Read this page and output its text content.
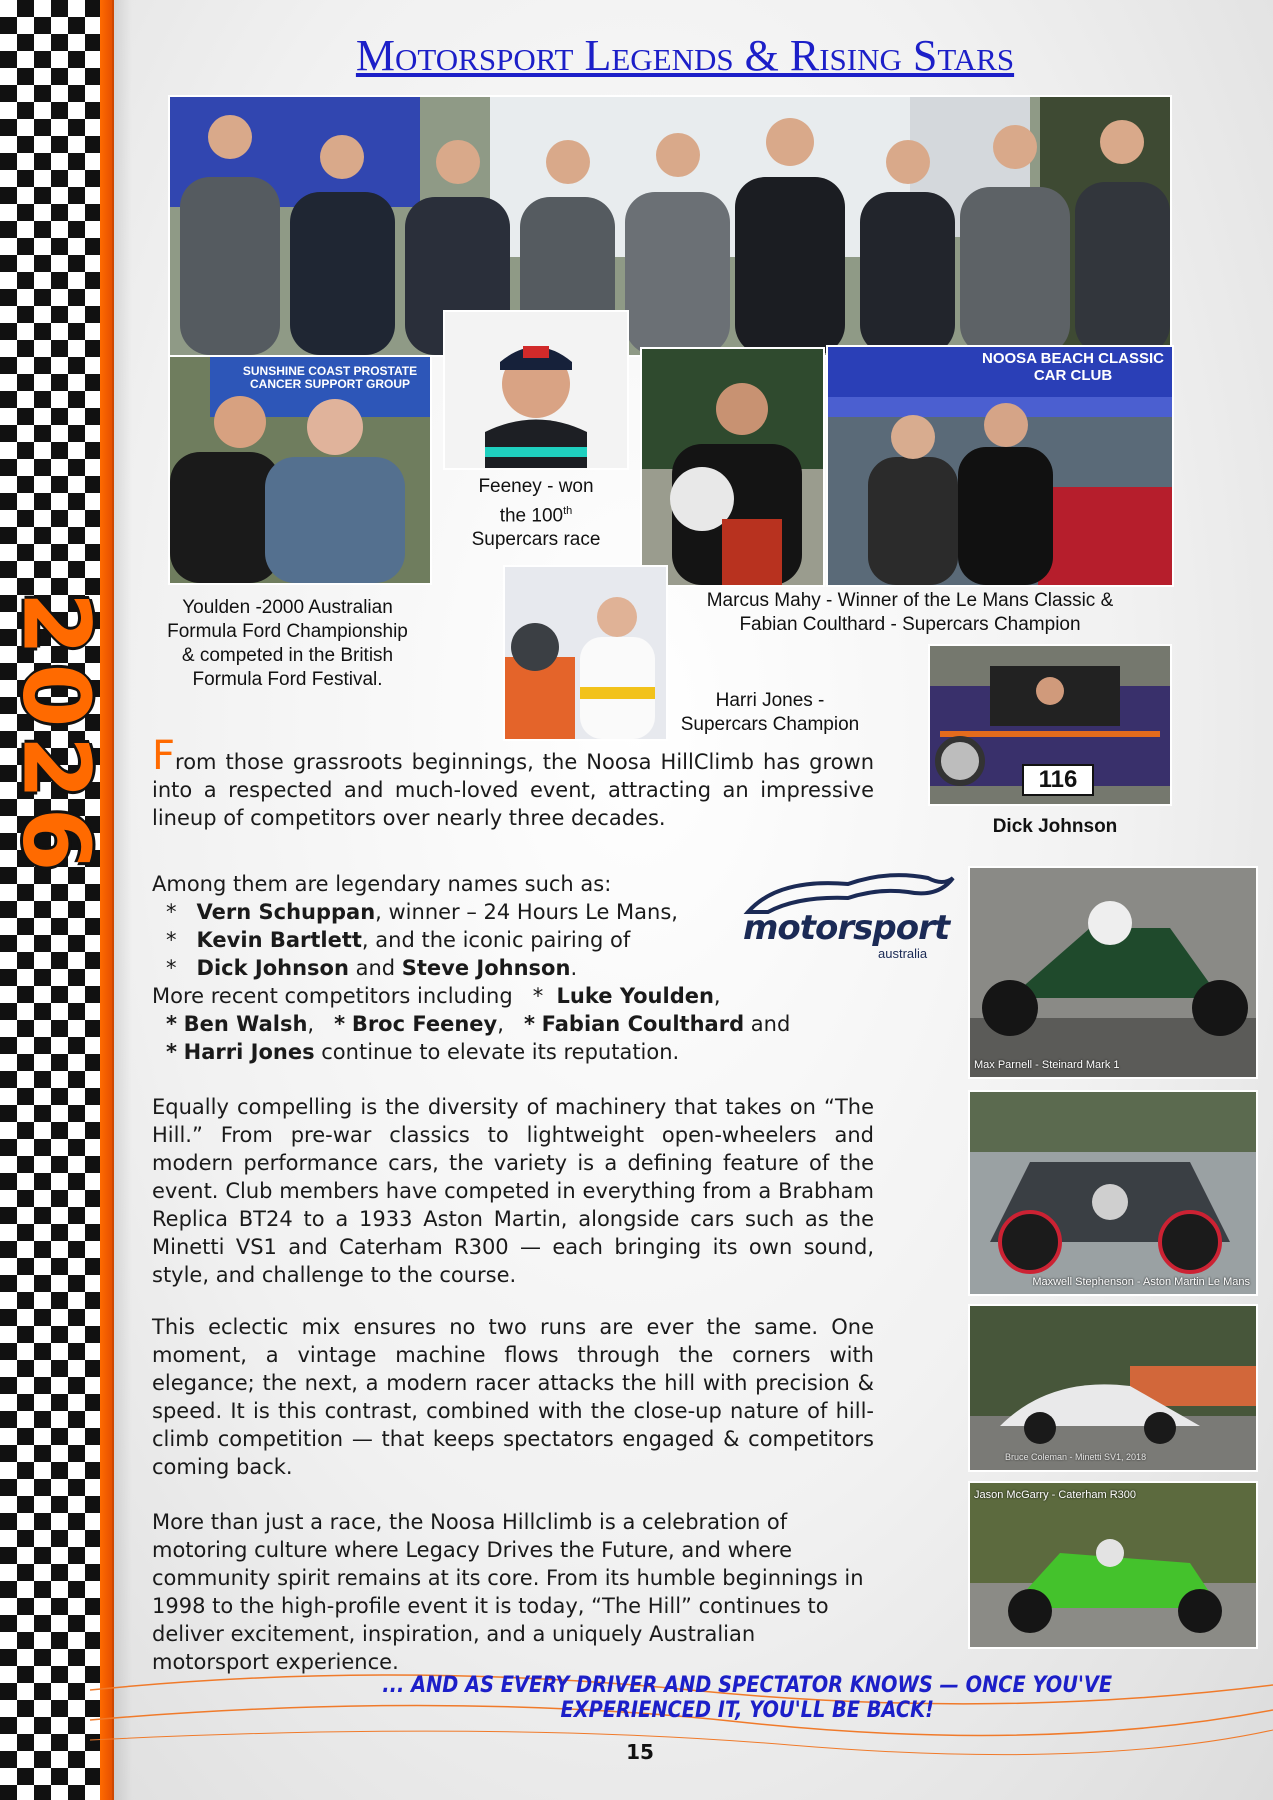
2026
Motorsport Legends & Rising Stars
SUNSHINE COAST PROSTATE CANCER SUPPORT GROUP

Feeney - won
the 100th
Supercars race

NOOSA BEACH CLASSIC CAR CLUB

Youlden -2000 Australian
Formula Ford Championship
& competed in the British
Formula Ford Festival.

Marcus Mahy - Winner of the Le Mans Classic &
Fabian Coulthard - Supercars Champion

116

Harri Jones -
Supercars Champion

Dick Johnson

From those grassroots beginnings, the Noosa HillClimb has grown into a respected and much-loved event, attracting an impressive lineup of competitors over nearly three decades.

motorsport
australia

Among them are legendary names such as:

* Vern Schuppan, winner – 24 Hours Le Mans,

* Kevin Bartlett, and the iconic pairing of

* Dick Johnson and Steve Johnson.

More recent competitors including * Luke Youlden,

* Ben Walsh, * Broc Feeney, * Fabian Coulthard and

* Harri Jones continue to elevate its reputation.

Equally compelling is the diversity of machinery that takes on “The Hill.” From pre-war classics to lightweight open-wheelers and modern performance cars, the variety is a defining feature of the event. Club members have competed in everything from a Brabham Replica BT24 to a 1933 Aston Martin, alongside cars such as the Minetti VS1 and Caterham R300 — each bringing its own sound, style, and challenge to the course.

This eclectic mix ensures no two runs are ever the same. One moment, a vintage machine flows through the corners with elegance; the next, a modern racer attacks the hill with precision & speed. It is this contrast, combined with the close-up nature of hill-climb competition — that keeps spectators engaged & competitors coming back.

More than just a race, the Noosa Hillclimb is a celebration of motoring culture where Legacy Drives the Future, and where community spirit remains at its core. From its humble beginnings in 1998 to the high-profile event it is today, “The Hill” continues to deliver excitement, inspiration, and a uniquely Australian motorsport experience.

Max Parnell - Steinard Mark 1
Maxwell Stephenson - Aston Martin Le Mans
Bruce Coleman - Minetti SV1, 2018
Jason McGarry - Caterham R300

... AND AS EVERY DRIVER AND SPECTATOR KNOWS — ONCE YOU'VE EXPERIENCED IT, YOU'LL BE BACK!

15
